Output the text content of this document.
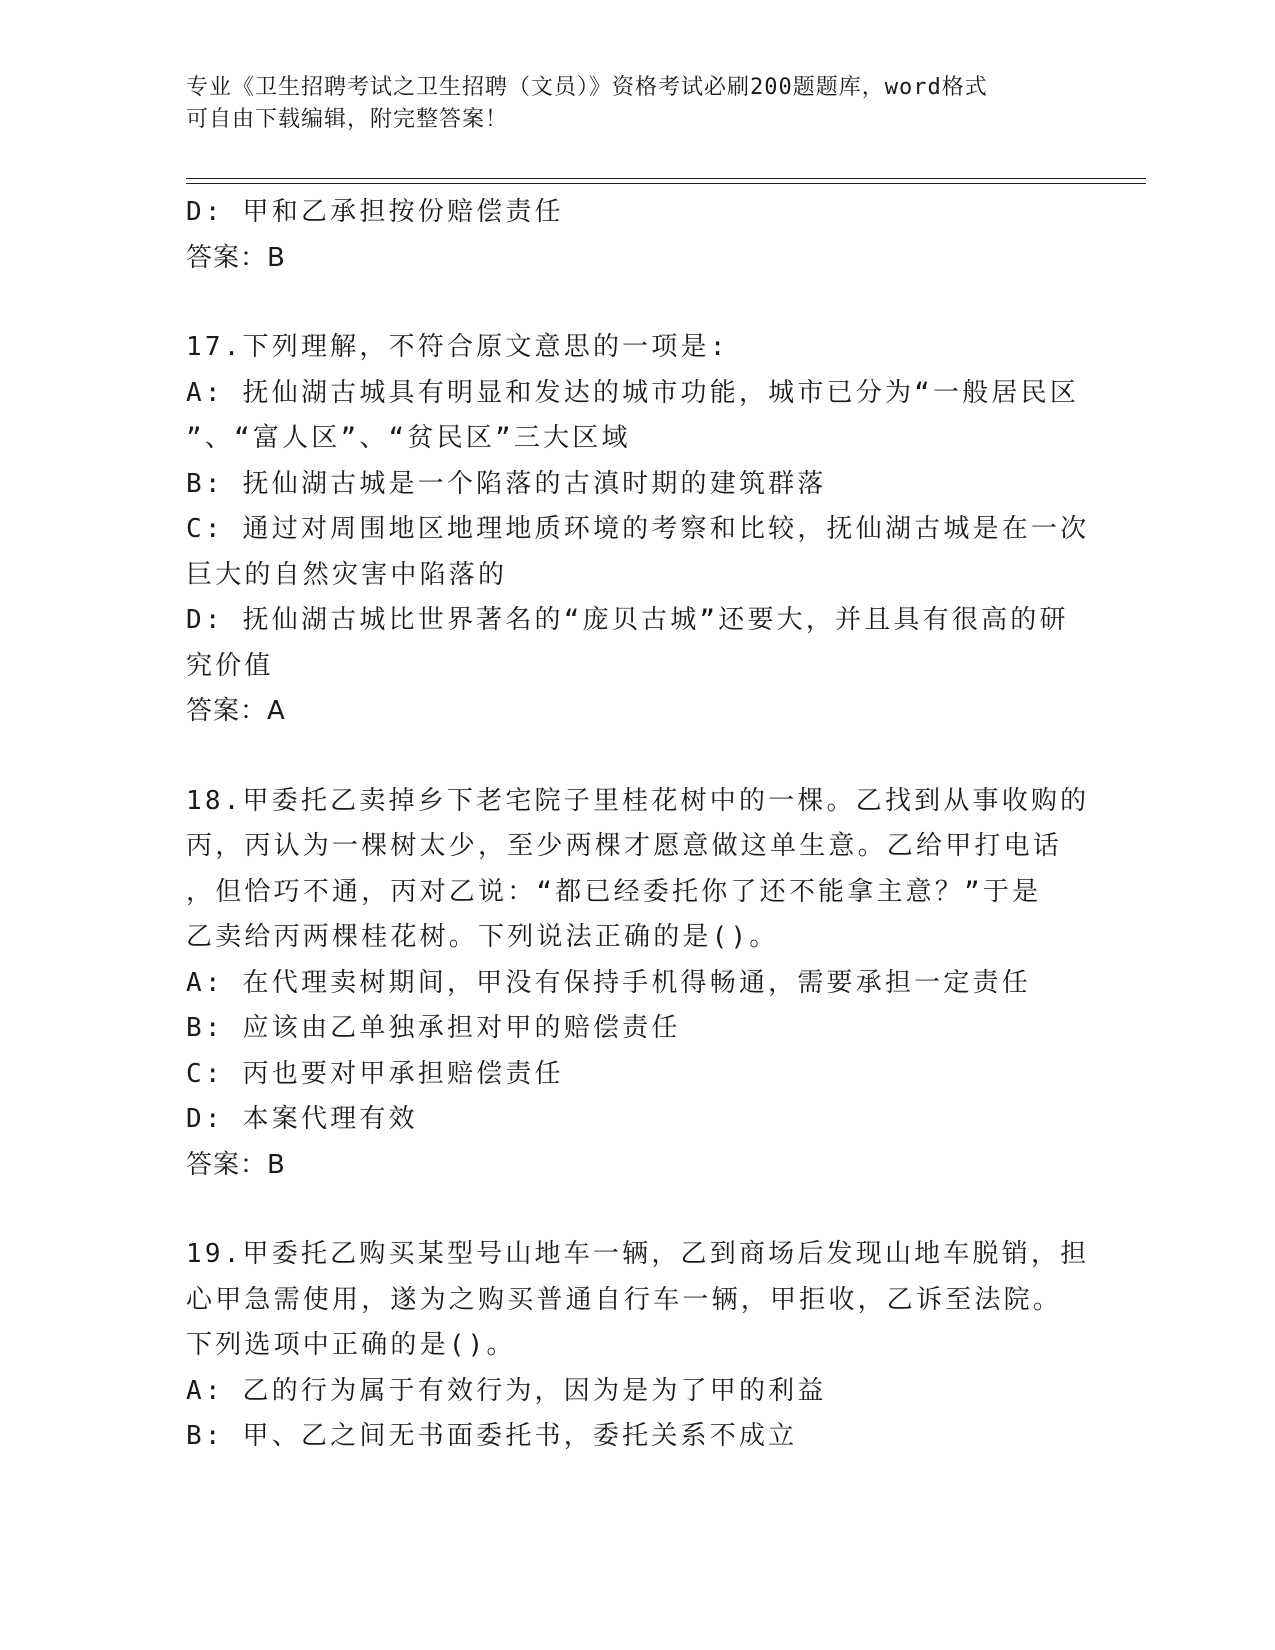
专业《卫生招聘考试之卫生招聘（文员）》资格考试必刷200题题库，word格式
可自由下载编辑，附完整答案！
D: 甲和乙承担按份赔偿责任
答案：B
17.下列理解，不符合原文意思的一项是:
A: 抚仙湖古城具有明显和发达的城市功能，城市已分为“一般居民区
”、“富人区”、“贫民区”三大区域
B: 抚仙湖古城是一个陷落的古滇时期的建筑群落
C: 通过对周围地区地理地质环境的考察和比较，抚仙湖古城是在一次
巨大的自然灾害中陷落的
D: 抚仙湖古城比世界著名的“庞贝古城”还要大，并且具有很高的研
究价值
答案：A
18.甲委托乙卖掉乡下老宅院子里桂花树中的一棵。乙找到从事收购的
丙，丙认为一棵树太少，至少两棵才愿意做这单生意。乙给甲打电话
，但恰巧不通，丙对乙说：“都已经委托你了还不能拿主意？”于是
乙卖给丙两棵桂花树。下列说法正确的是()。
A: 在代理卖树期间，甲没有保持手机得畅通，需要承担一定责任
B: 应该由乙单独承担对甲的赔偿责任
C: 丙也要对甲承担赔偿责任
D: 本案代理有效
答案：B
19.甲委托乙购买某型号山地车一辆，乙到商场后发现山地车脱销，担
心甲急需使用，遂为之购买普通自行车一辆，甲拒收，乙诉至法院。
下列选项中正确的是()。
A: 乙的行为属于有效行为，因为是为了甲的利益
B: 甲、乙之间无书面委托书，委托关系不成立
